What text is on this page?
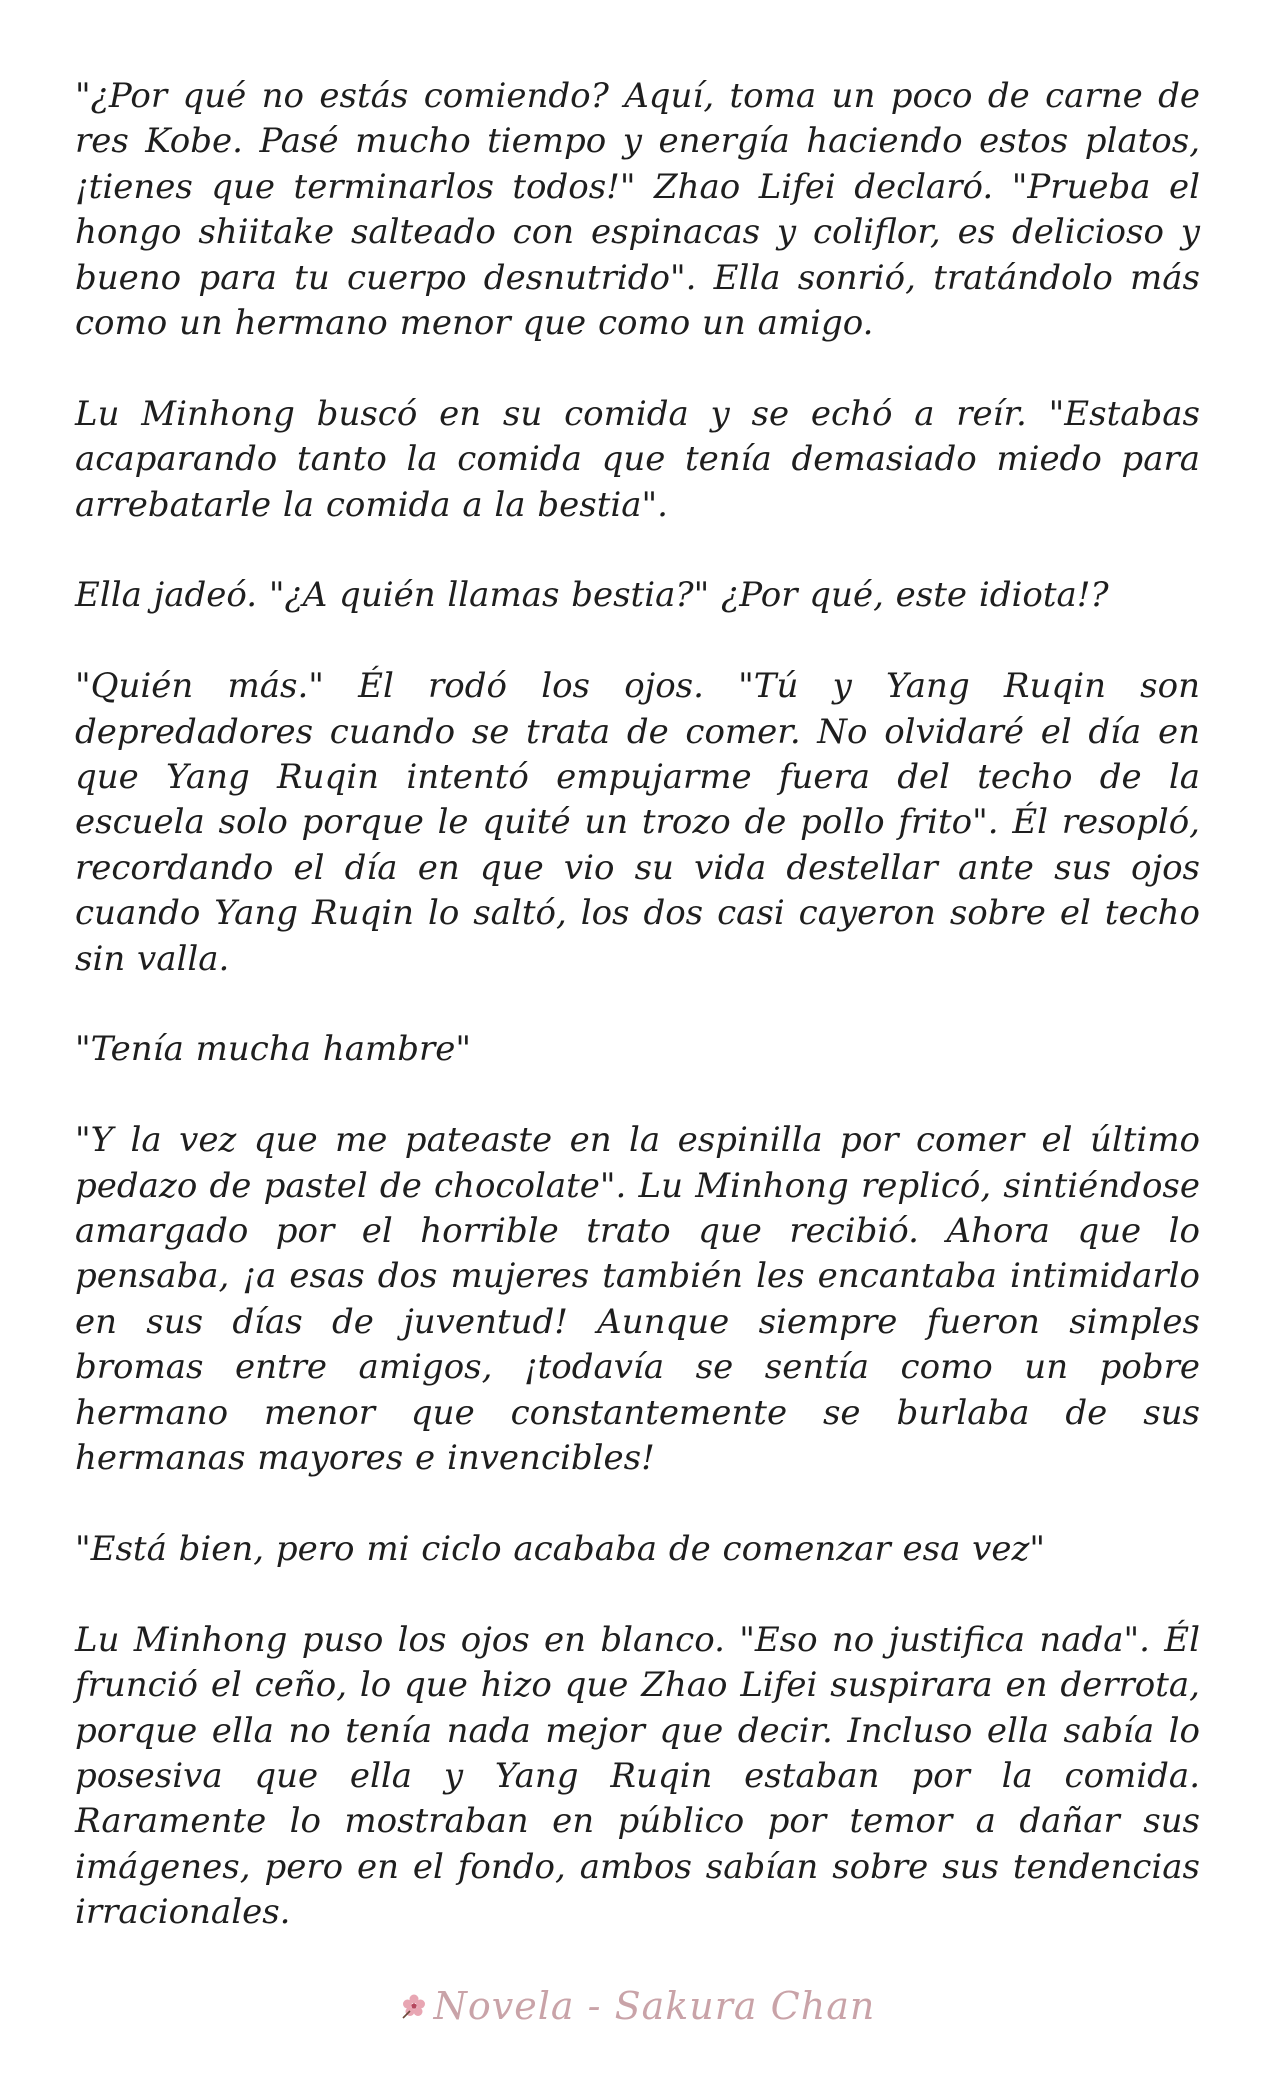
"¿Por qué no estás comiendo? Aquí, toma un poco de carne de res Kobe. Pasé mucho tiempo y energía haciendo estos platos, ¡tienes que terminarlos todos!" Zhao Lifei declaró. "Prueba el hongo shiitake salteado con espinacas y coliflor, es delicioso y bueno para tu cuerpo desnutrido". Ella sonrió, tratándolo más como un hermano menor que como un amigo.

Lu Minhong buscó en su comida y se echó a reír. "Estabas acaparando tanto la comida que tenía demasiado miedo para arrebatarle la comida a la bestia".

Ella jadeó. "¿A quién llamas bestia?" ¿Por qué, este idiota!?

"Quién más." Él rodó los ojos. "Tú y Yang Ruqin son depredadores cuando se trata de comer. No olvidaré el día en que Yang Ruqin intentó empujarme fuera del techo de la escuela solo porque le quité un trozo de pollo frito". Él resopló, recordando el día en que vio su vida destellar ante sus ojos cuando Yang Ruqin lo saltó, los dos casi cayeron sobre el techo sin valla.

"Tenía mucha hambre"

"Y la vez que me pateaste en la espinilla por comer el último pedazo de pastel de chocolate". Lu Minhong replicó, sintiéndose amargado por el horrible trato que recibió. Ahora que lo pensaba, ¡a esas dos mujeres también les encantaba intimidarlo en sus días de juventud! Aunque siempre fueron simples bromas entre amigos, ¡todavía se sentía como un pobre hermano menor que constantemente se burlaba de sus hermanas mayores e invencibles!

"Está bien, pero mi ciclo acababa de comenzar esa vez"

Lu Minhong puso los ojos en blanco. "Eso no justifica nada". Él frunció el ceño, lo que hizo que Zhao Lifei suspirara en derrota, porque ella no tenía nada mejor que decir. Incluso ella sabía lo posesiva que ella y Yang Ruqin estaban por la comida. Raramente lo mostraban en público por temor a dañar sus imágenes, pero en el fondo, ambos sabían sobre sus tendencias irracionales.

Novela - Sakura Chan
